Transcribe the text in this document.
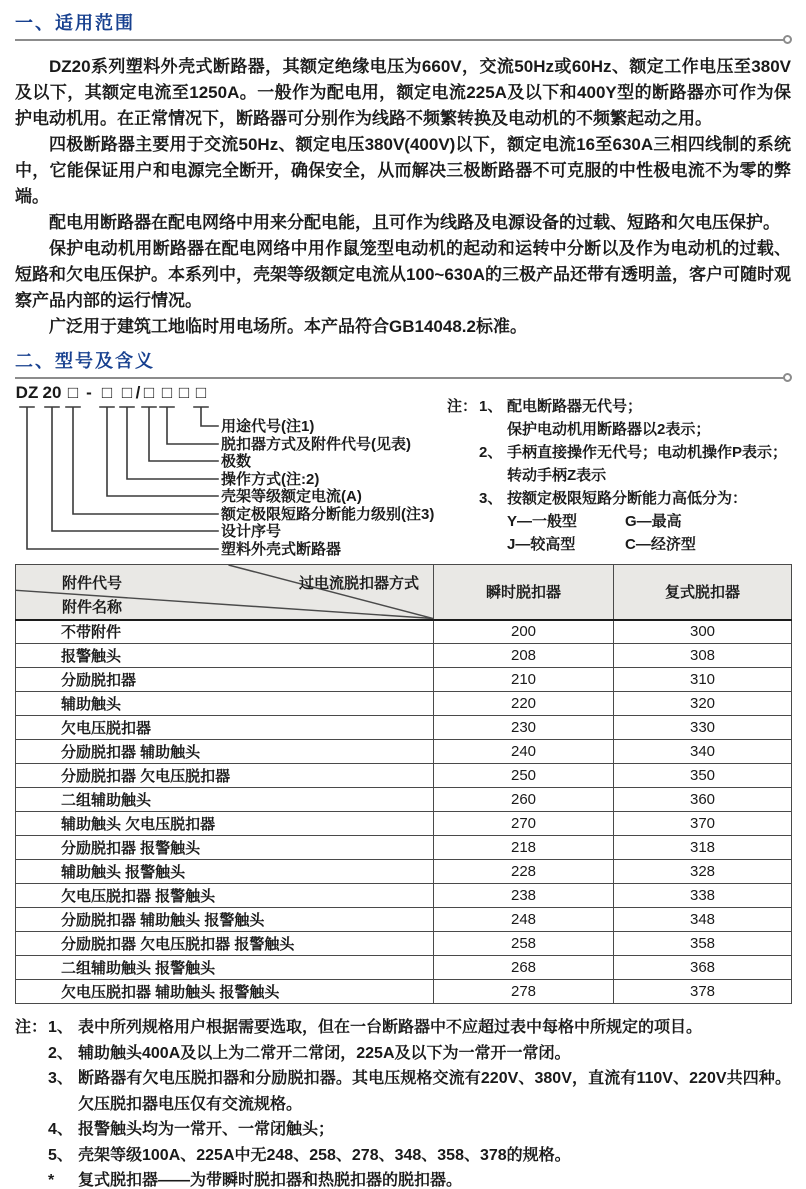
一、适用范围

DZ20系列塑料外壳式断路器，其额定绝缘电压为660V，交流50Hz或60Hz、额定工作电压至380V及以下，其额定电流至1250A。一般作为配电用，额定电流225A及以下和400Y型的断路器亦可作为保护电动机用。在正常情况下，断路器可分别作为线路不频繁转换及电动机的不频繁起动之用。

四极断路器主要用于交流50Hz、额定电压380V(400V)以下，额定电流16至630A三相四线制的系统中，它能保证用户和电源完全断开，确保安全，从而解决三极断路器不可克服的中性极电流不为零的弊端。

配电用断路器在配电网络中用来分配电能，且可作为线路及电源设备的过载、短路和欠电压保护。

保护电动机用断路器在配电网络中用作鼠笼型电动机的起动和运转中分断以及作为电动机的过载、短路和欠电压保护。本系列中，壳架等级额定电流从100~630A的三极产品还带有透明盖，客户可随时观察产品内部的运行情况。

广泛用于建筑工地临时用电场所。本产品符合GB14048.2标准。

二、型号及含义
DZ 20 □ - □ □ / □ □ □ □
用途代号(注1)
脱扣器方式及附件代号(见表)
极数
操作方式(注:2)
壳架等级额定电流(A)
额定极限短路分断能力级别(注3)
设计序号
塑料外壳式断路器
注： 1、 配电断路器无代号；
保护电动机用断路器以2表示；
2、 手柄直接操作无代号；电动机操作P表示；
转动手柄Z表示
3、 按额定极限短路分断能力高低分为：
Y—一般型	G—最高
J—较高型	C—经济型
附件代号 过电流脱扣器方式
附件名称	瞬时脱扣器	复式脱扣器
不带附件	200	300
报警触头	208	308
分励脱扣器	210	310
辅助触头	220	320
欠电压脱扣器	230	330
分励脱扣器 辅助触头	240	340
分励脱扣器 欠电压脱扣器	250	350
二组辅助触头	260	360
辅助触头 欠电压脱扣器	270	370
分励脱扣器 报警触头	218	318
辅助触头 报警触头	228	328
欠电压脱扣器 报警触头	238	338
分励脱扣器 辅助触头 报警触头	248	348
分励脱扣器 欠电压脱扣器 报警触头	258	358
二组辅助触头 报警触头	268	368
欠电压脱扣器 辅助触头 报警触头	278	378
注： 1、 表中所列规格用户根据需要选取，但在一台断路器中不应超过表中每格中所规定的项目。
2、 辅助触头400A及以上为二常开二常闭，225A及以下为一常开一常闭。
3、 断路器有欠电压脱扣器和分励脱扣器。其电压规格交流有220V、380V，直流有110V、220V共四种。欠压脱扣器电压仅有交流规格。
4、 报警触头均为一常开、一常闭触头；
5、 壳架等级100A、225A中无248、258、278、348、358、378的规格。
*	复式脱扣器——为带瞬时脱扣器和热脱扣器的脱扣器。
